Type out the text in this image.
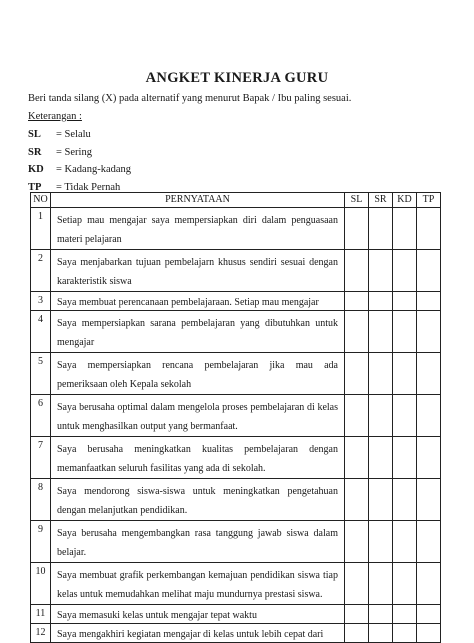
ANGKET KINERJA GURU
Beri tanda silang (X) pada alternatif yang menurut Bapak / Ibu paling sesuai.
Keterangan :
SL	= Selalu
SR	= Sering
KD	= Kadang-kadang
TP	= Tidak Pernah
NO	PERNYATAAN	SL	SR	KD	TP
1	Setiap mau mengajar saya mempersiapkan diri dalam penguasaan materi pelajaran				
2	Saya menjabarkan tujuan pembelajarn khusus sendiri sesuai dengan karakteristik siswa				
3	Saya membuat perencanaan pembelajaraan. Setiap mau mengajar				
4	Saya mempersiapkan sarana pembelajaran yang dibutuhkan untuk mengajar				
5	Saya mempersiapkan rencana pembelajaran jika mau ada pemeriksaan oleh Kepala sekolah				
6	Saya berusaha optimal dalam mengelola proses pembelajaran di kelas untuk menghasilkan output yang bermanfaat.				
7	Saya berusaha meningkatkan kualitas pembelajaran dengan memanfaatkan seluruh fasilitas yang ada di sekolah.				
8	Saya mendorong siswa-siswa untuk meningkatkan pengetahuan dengan melanjutkan pendidikan.				
9	Saya berusaha mengembangkan rasa tanggung jawab siswa dalam belajar.				
10	Saya membuat grafik perkembangan kemajuan pendidikan siswa tiap kelas untuk memudahkan melihat maju mundurnya prestasi siswa.				
11	Saya memasuki kelas untuk mengajar tepat waktu				
12	Saya mengakhiri kegiatan mengajar di kelas untuk lebih cepat dari				
